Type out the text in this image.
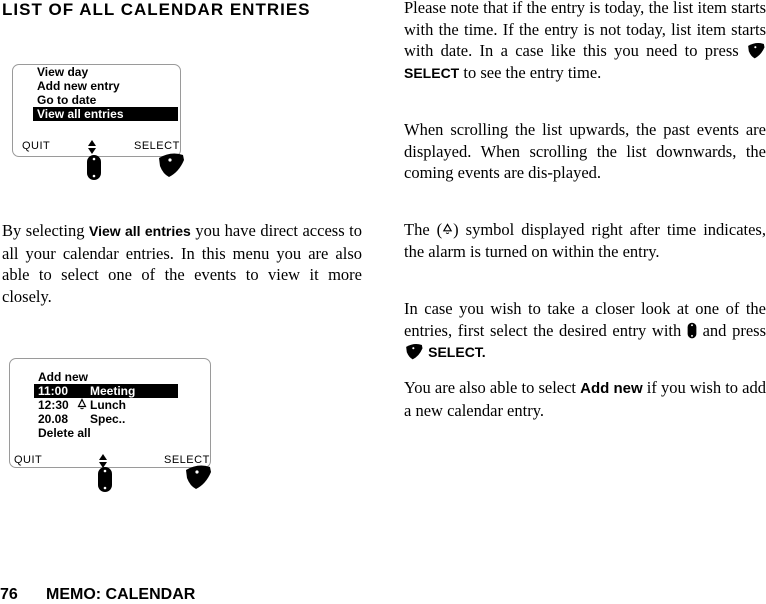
LIST OF ALL CALENDAR ENTRIES
View day
Add new entry
Go to date
View all entries
QUIT	SELECT
By selecting View all entries you have direct access to all your calendar entries. In this menu you are also able to select one of the events to view it more closely.
Add new
11:00 Meeting
12:30 Lunch
20.08 Spec..
Delete all
QUIT	SELECT
Please note that if the entry is today, the list item starts with the time. If the entry is not today, list item starts with date. In a case like this you need to press  SELECT to see the entry time.
When scrolling the list upwards, the past events are displayed. When scrolling the list downwards, the coming events are dis-played.
The ( ) symbol displayed right after time indicates, the alarm is turned on within the entry.
In case you wish to take a closer look at one of the entries, first select the desired entry with  and press  SELECT.
You are also able to select Add new if you wish to add a new calendar entry.
76 MEMO: CALENDAR
